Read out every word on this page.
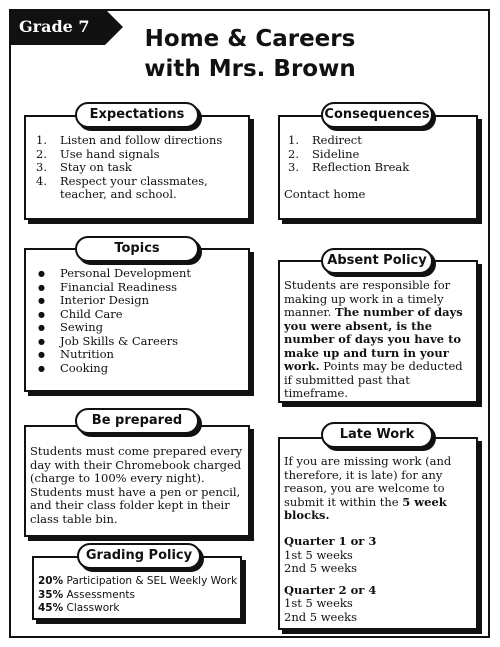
Grade 7	Home & Careers
with Mrs. Brown
Expectations
1. Listen and follow directions
2. Use hand signals
3. Stay on task
4. Respect your classmates,
teacher, and school.
Consequences
1. Redirect
2. Sideline
3. Reflection Break
Contact home
Topics
● Personal Development
● Financial Readiness
● Interior Design
● Child Care
● Sewing
● Job Skills & Careers
● Nutrition
● Cooking
Absent Policy
Students are responsible for making up work in a timely manner. The number of days you were absent, is the number of days you have to make up and turn in your work. Points may be deducted if submitted past that timeframe.
Be prepared
Students must come prepared every day with their Chromebook charged (charge to 100% every night). Students must have a pen or pencil, and their class folder kept in their class table bin.
Late Work
If you are missing work (and therefore, it is late) for any reason, you are welcome to submit it within the 5 week blocks.
Quarter 1 or 3
1st 5 weeks
2nd 5 weeks
Quarter 2 or 4
1st 5 weeks
2nd 5 weeks
Grading Policy
20% Participation & SEL Weekly Work
35% Assessments
45% Classwork
